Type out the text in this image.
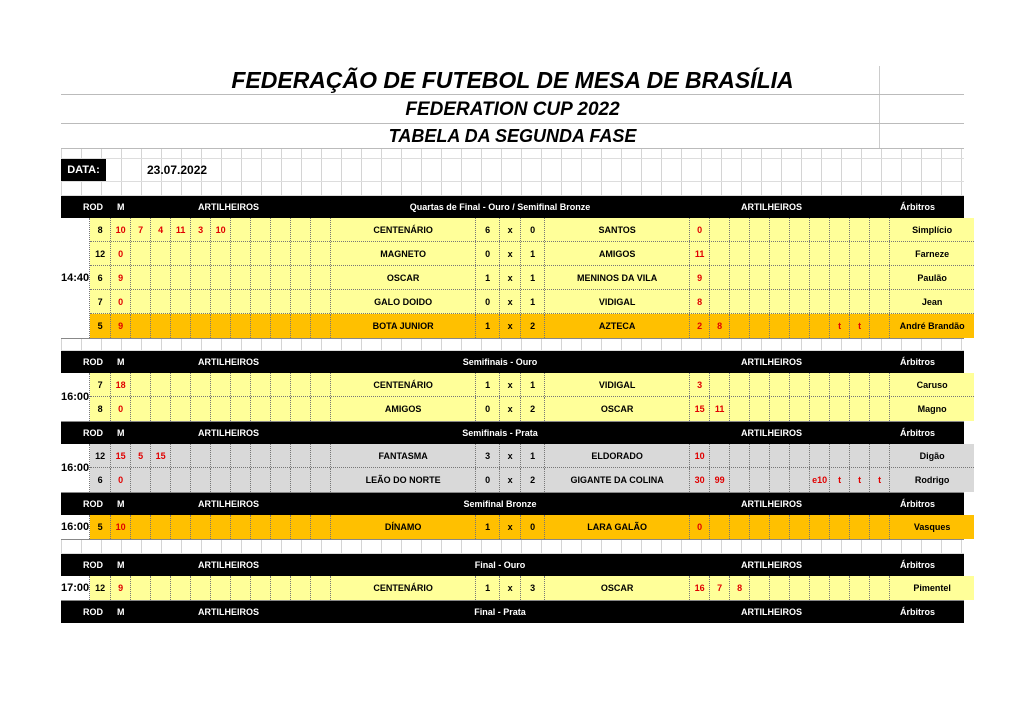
FEDERAÇÃO DE FUTEBOL DE MESA DE BRASÍLIA
FEDERATION CUP 2022
TABELA DA SEGUNDA FASE
DATA:	23.07.2022
ROD M	ARTILHEIROS	Quartas de Final - Ouro / Semifinal Bronze	ARTILHEIROS	Árbitros
14:40
8	10	7	4	11	3	10	CENTENÁRIO	6	x	0	SANTOS	0	Simplício
12	0	MAGNETO	0	x	1	AMIGOS	11	Farneze
6	9	OSCAR	1	x	1	MENINOS DA VILA	9	Paulão
7	0	GALO DOIDO	0	x	1	VIDIGAL	8	Jean
5	9	BOTA JUNIOR	1	x	2	AZTECA	2	8	t	t	André Brandão
ROD M	ARTILHEIROS	Semifinais - Ouro	ARTILHEIROS	Árbitros
16:00
7	18	CENTENÁRIO	1	x	1	VIDIGAL	3	Caruso
8	0	AMIGOS	0	x	2	OSCAR	15	11	Magno
ROD M	ARTILHEIROS	Semifinais - Prata	ARTILHEIROS	Árbitros
16:00
12	15	5	15	FANTASMA	3	x	1	ELDORADO	10	Digão
6	0	LEÃO DO NORTE	0	x	2	GIGANTE DA COLINA	30	99	e10	t	t	t	Rodrigo
ROD M	ARTILHEIROS	Semifinal Bronze	ARTILHEIROS	Árbitros
16:00 5	10	DÍNAMO	1	x	0	LARA GALÃO	0	Vasques
ROD M	ARTILHEIROS	Final - Ouro	ARTILHEIROS	Árbitros
17:00 12	9	CENTENÁRIO	1	x	3	OSCAR	16	7	8	Pimentel
ROD M	ARTILHEIROS	Final - Prata	ARTILHEIROS	Árbitros
